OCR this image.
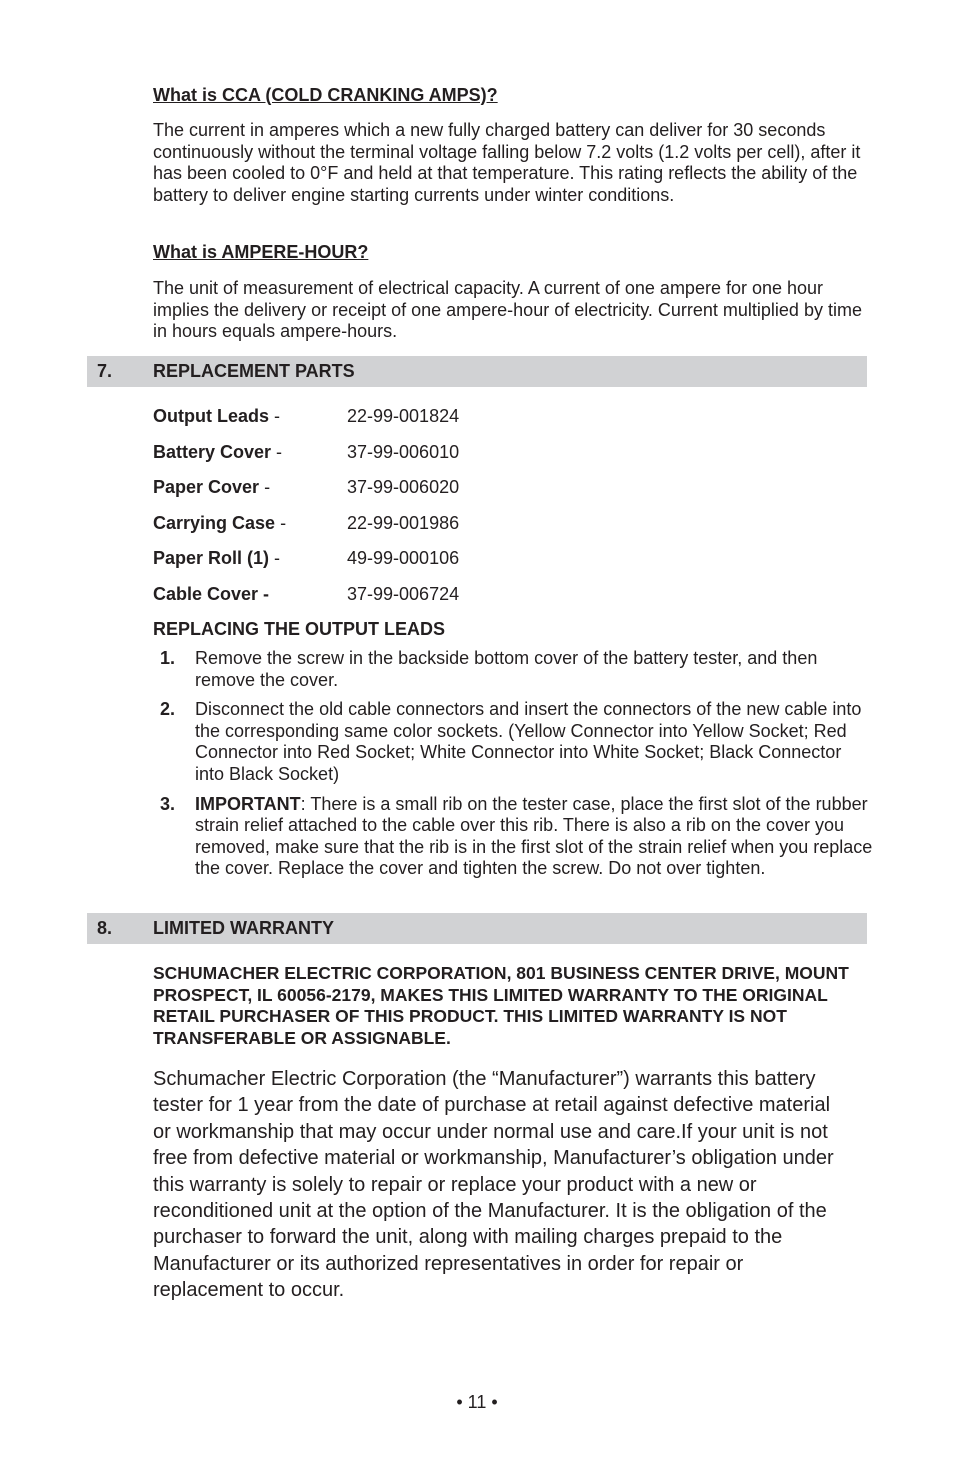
What is CCA (COLD CRANKING AMPS)?

The current in amperes which a new fully charged battery can deliver for 30 seconds continuously without the terminal voltage falling below 7.2 volts (1.2 volts per cell), after it has been cooled to 0°F and held at that temperature. This rating reflects the ability of the battery to deliver engine starting currents under winter conditions.

What is AMPERE-HOUR?

The unit of measurement of electrical capacity. A current of one ampere for one hour implies the delivery or receipt of one ampere-hour of electricity. Current multiplied by time in hours equals ampere-hours.

7. REPLACEMENT PARTS
Output Leads -	22-99-001824
Battery Cover -	37-99-006010
Paper Cover -	37-99-006020
Carrying Case -	22-99-001986
Paper Roll (1) -	49-99-000106
Cable Cover -	37-99-006724
REPLACING THE OUTPUT LEADS
1. Remove the screw in the backside bottom cover of the battery tester, and then remove the cover.
2. Disconnect the old cable connectors and insert the connectors of the new cable into the corresponding same color sockets. (Yellow Connector into Yellow Socket; Red Connector into Red Socket; White Connector into White Socket; Black Connector into Black Socket)
3. IMPORTANT: There is a small rib on the tester case, place the first slot of the rubber strain relief attached to the cable over this rib. There is also a rib on the cover you removed, make sure that the rib is in the first slot of the strain relief when you replace the cover. Replace the cover and tighten the screw. Do not over tighten.
8. LIMITED WARRANTY

SCHUMACHER ELECTRIC CORPORATION, 801 BUSINESS CENTER DRIVE, MOUNT PROSPECT, IL 60056-2179, MAKES THIS LIMITED WARRANTY TO THE ORIGINAL RETAIL PURCHASER OF THIS PRODUCT. THIS LIMITED WARRANTY IS NOT TRANSFERABLE OR ASSIGNABLE.

Schumacher Electric Corporation (the “Manufacturer”) warrants this battery tester for 1 year from the date of purchase at retail against defective material or workmanship that may occur under normal use and care.If your unit is not free from defective material or workmanship, Manufacturer’s obligation under this warranty is solely to repair or replace your product with a new or reconditioned unit at the option of the Manufacturer. It is the obligation of the purchaser to forward the unit, along with mailing charges prepaid to the Manufacturer or its authorized representatives in order for repair or replacement to occur.

• 11 •
